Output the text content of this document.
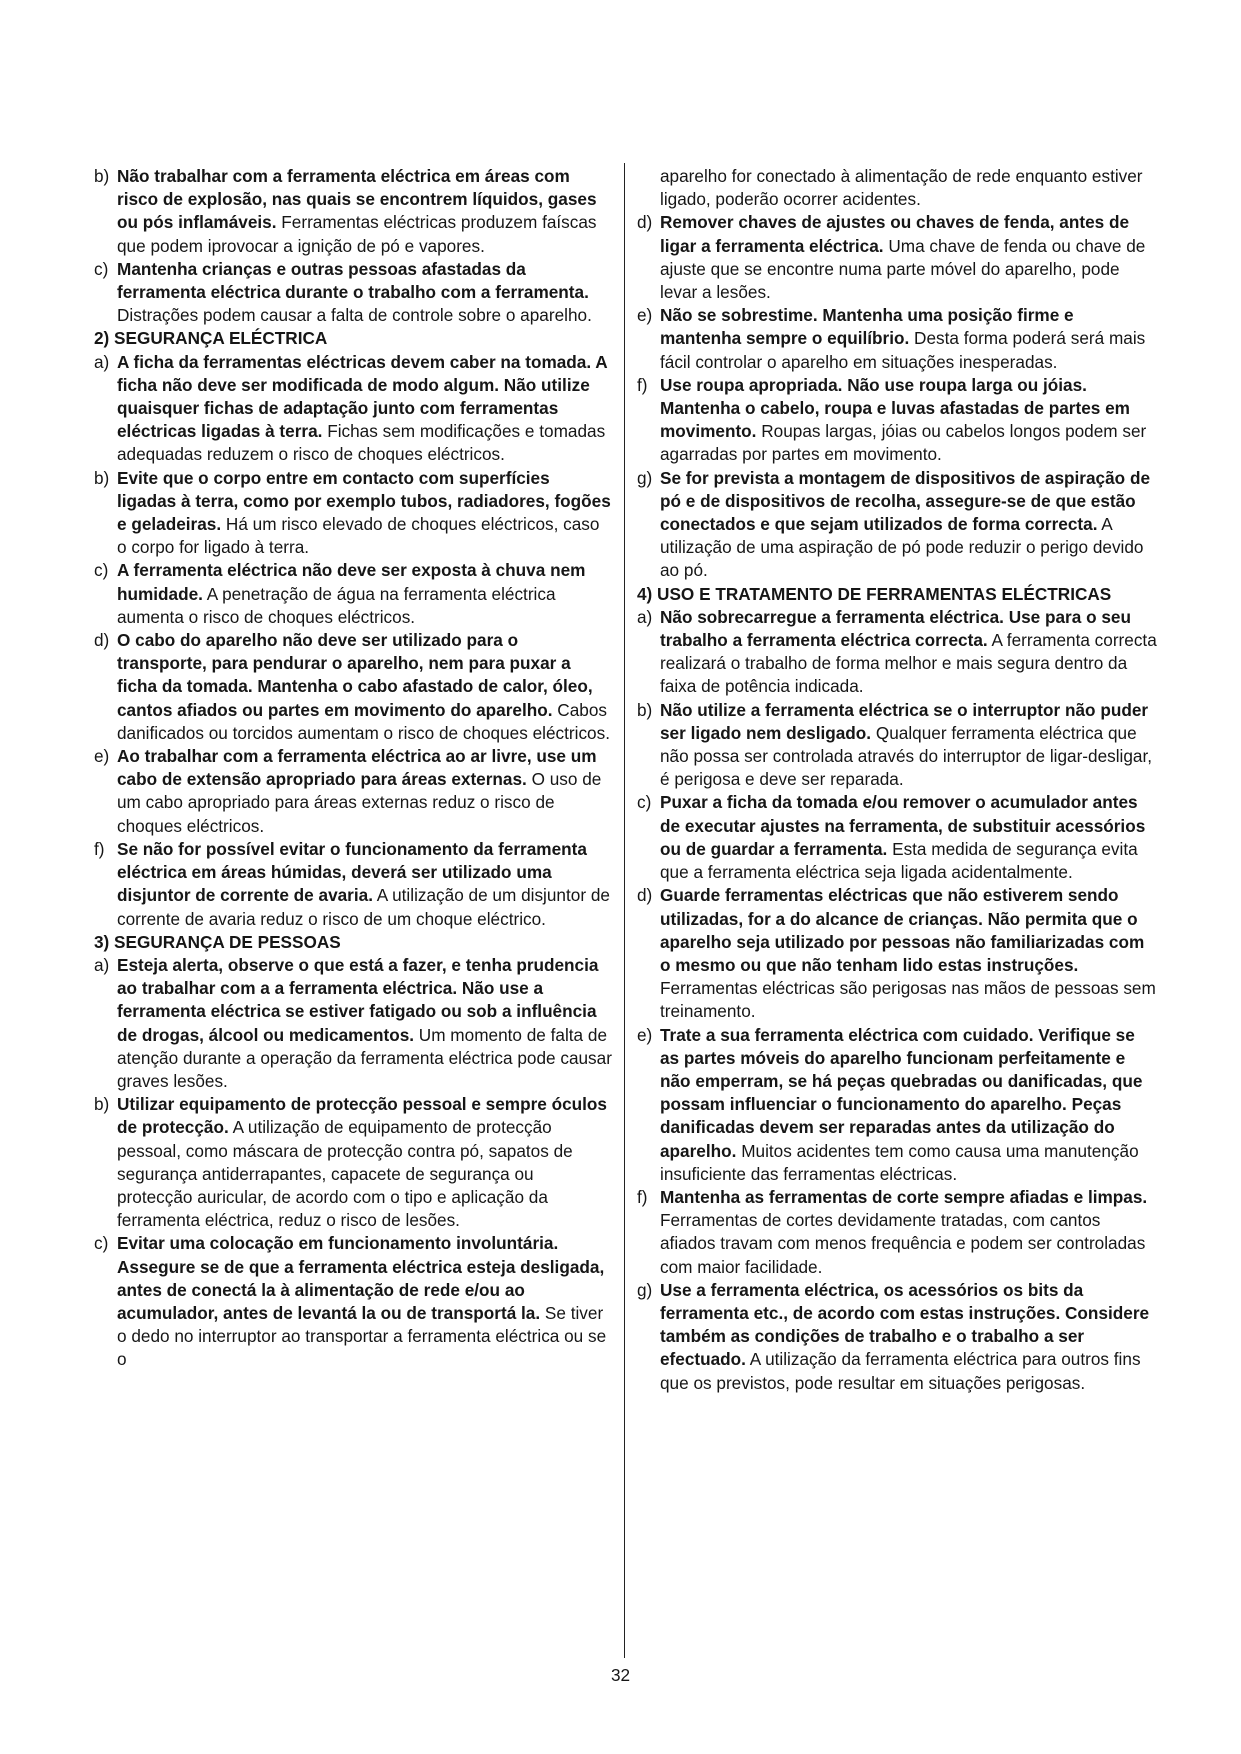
b) Não trabalhar com a ferramenta eléctrica em áreas com risco de explosão, nas quais se encontrem líquidos, gases ou pós inflamáveis. Ferramentas eléctricas produzem faíscas que podem iprovocar a ignição de pó e vapores.
c) Mantenha crianças e outras pessoas afastadas da ferramenta eléctrica durante o trabalho com a ferramenta. Distrações podem causar a falta de controle sobre o aparelho.
2) SEGURANÇA ELÉCTRICA
a) A ficha da ferramentas eléctricas devem caber na tomada. A ficha não deve ser modificada de modo algum. Não utilize quaisquer fichas de adaptação junto com ferramentas eléctricas ligadas à terra. Fichas sem modificações e tomadas adequadas reduzem o risco de choques eléctricos.
b) Evite que o corpo entre em contacto com superfícies ligadas à terra, como por exemplo tubos, radiadores, fogões e geladeiras. Há um risco elevado de choques eléctricos, caso o corpo for ligado à terra.
c) A ferramenta eléctrica não deve ser exposta à chuva nem humidade. A penetração de água na ferramenta eléctrica aumenta o risco de choques eléctricos.
d) O cabo do aparelho não deve ser utilizado para o transporte, para pendurar o aparelho, nem para puxar a ficha da tomada. Mantenha o cabo afastado de calor, óleo, cantos afiados ou partes em movimento do aparelho. Cabos danificados ou torcidos aumentam o risco de choques eléctricos.
e) Ao trabalhar com a ferramenta eléctrica ao ar livre, use um cabo de extensão apropriado para áreas externas. O uso de um cabo apropriado para áreas externas reduz o risco de choques eléctricos.
f) Se não for possível evitar o funcionamento da ferramenta eléctrica em áreas húmidas, deverá ser utilizado uma disjuntor de corrente de avaria. A utilização de um disjuntor de corrente de avaria reduz o risco de um choque eléctrico.
3) SEGURANÇA DE PESSOAS
a) Esteja alerta, observe o que está a fazer, e tenha prudencia ao trabalhar com a a ferramenta eléctrica. Não use a ferramenta eléctrica se estiver fatigado ou sob a influência de drogas, álcool ou medicamentos. Um momento de falta de atenção durante a operação da ferramenta eléctrica pode causar graves lesões.
b) Utilizar equipamento de protecção pessoal e sempre óculos de protecção. A utilização de equipamento de protecção pessoal, como máscara de protecção contra pó, sapatos de segurança antiderrapantes, capacete de segurança ou protecção auricular, de acordo com o tipo e aplicação da ferramenta eléctrica, reduz o risco de lesões.
c) Evitar uma colocação em funcionamento involuntária. Assegure se de que a ferramenta eléctrica esteja desligada, antes de conectá la à alimentação de rede e/ou ao acumulador, antes de levantá la ou de transportá la. Se tiver o dedo no interruptor ao transportar a ferramenta eléctrica ou se o
aparelho for conectado à alimentação de rede enquanto estiver ligado, poderão ocorrer acidentes.
d) Remover chaves de ajustes ou chaves de fenda, antes de ligar a ferramenta eléctrica. Uma chave de fenda ou chave de ajuste que se encontre numa parte móvel do aparelho, pode levar a lesões.
e) Não se sobrestime. Mantenha uma posição firme e mantenha sempre o equilíbrio. Desta forma poderá será mais fácil controlar o aparelho em situações inesperadas.
f) Use roupa apropriada. Não use roupa larga ou jóias. Mantenha o cabelo, roupa e luvas afastadas de partes em movimento. Roupas largas, jóias ou cabelos longos podem ser agarradas por partes em movimento.
g) Se for prevista a montagem de dispositivos de aspiração de pó e de dispositivos de recolha, assegure-se de que estão conectados e que sejam utilizados de forma correcta. A utilização de uma aspiração de pó pode reduzir o perigo devido ao pó.
4) USO E TRATAMENTO DE FERRAMENTAS ELÉCTRICAS
a) Não sobrecarregue a ferramenta eléctrica. Use para o seu trabalho a ferramenta eléctrica correcta. A ferramenta correcta realizará o trabalho de forma melhor e mais segura dentro da faixa de potência indicada.
b) Não utilize a ferramenta eléctrica se o interruptor não puder ser ligado nem desligado. Qualquer ferramenta eléctrica que não possa ser controlada através do interruptor de ligar-desligar, é perigosa e deve ser reparada.
c) Puxar a ficha da tomada e/ou remover o acumulador antes de executar ajustes na ferramenta, de substituir acessórios ou de guardar a ferramenta. Esta medida de segurança evita que a ferramenta eléctrica seja ligada acidentalmente.
d) Guarde ferramentas eléctricas que não estiverem sendo utilizadas, for a do alcance de crianças. Não permita que o aparelho seja utilizado por pessoas não familiarizadas com o mesmo ou que não tenham lido estas instruções. Ferramentas eléctricas são perigosas nas mãos de pessoas sem treinamento.
e) Trate a sua ferramenta eléctrica com cuidado. Verifique se as partes móveis do aparelho funcionam perfeitamente e não emperram, se há peças quebradas ou danificadas, que possam influenciar o funcionamento do aparelho. Peças danificadas devem ser reparadas antes da utilização do aparelho. Muitos acidentes tem como causa uma manutenção insuficiente das ferramentas eléctricas.
f) Mantenha as ferramentas de corte sempre afiadas e limpas. Ferramentas de cortes devidamente tratadas, com cantos afiados travam com menos frequência e podem ser controladas com maior facilidade.
g) Use a ferramenta eléctrica, os acessórios os bits da ferramenta etc., de acordo com estas instruções. Considere também as condições de trabalho e o trabalho a ser efectuado. A utilização da ferramenta eléctrica para outros fins que os previstos, pode resultar em situações perigosas.
32
